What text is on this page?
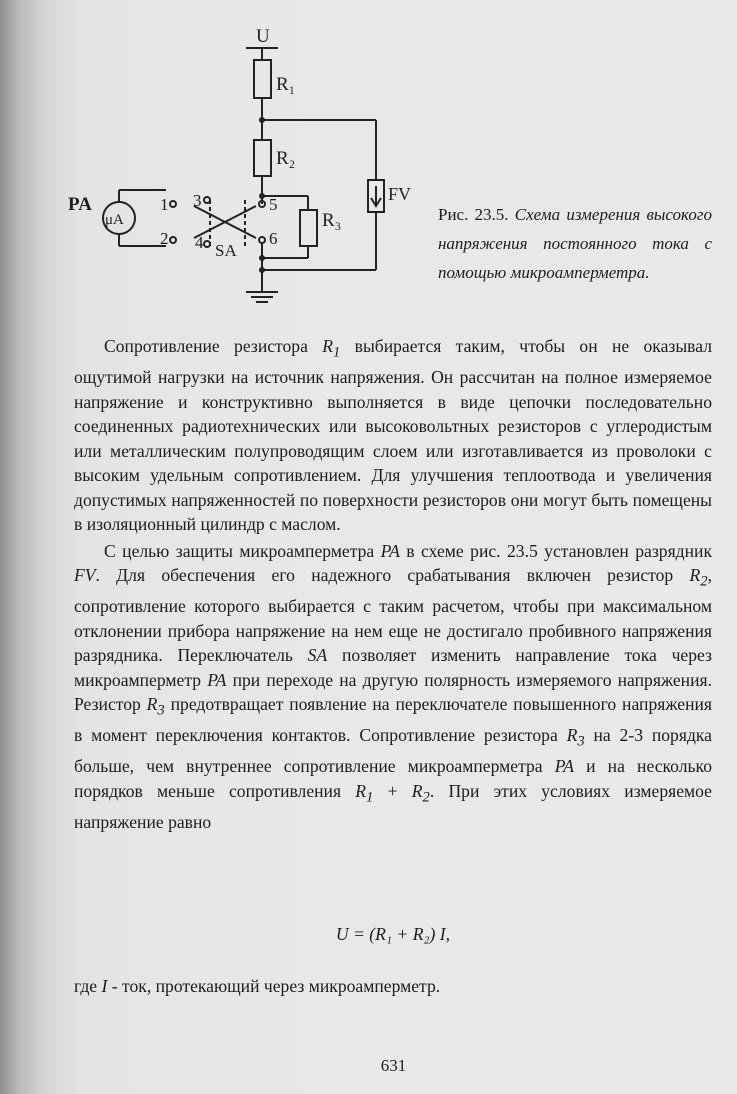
U
R₁
R₂
R₃
FV
PA
μA
SA
1
2
3
4
5
6
Рис. 23.5. Схема измерения высокого напряжения постоянного тока с помощью микроамперметра.

Сопротивление резистора $R_1$ выбирается таким, чтобы он не оказывал ощутимой нагрузки на источник напряжения. Он рассчитан на полное измеряемое напряжение и конструктивно выполняется в виде цепочки последовательно соединенных радиотехнических или высоковольтных резисторов с углеродистым или металлическим полупроводящим слоем или изготавливается из проволоки с высоким удельным сопротивлением. Для улучшения теплоотвода и увеличения допустимых напряженностей по поверхности резисторов они могут быть помещены в изоляционный цилиндр с маслом.

С целью защиты микроамперметра PA в схеме рис. 23.5 установлен разрядник FV. Для обеспечения его надежного срабатывания включен резистор $R_2$, сопротивление которого выбирается с таким расчетом, чтобы при максимальном отклонении прибора напряжение на нем еще не достигало пробивного напряжения разрядника. Переключатель SA позволяет изменить направление тока через микроамперметр PA при переходе на другую полярность измеряемого напряжения. Резистор $R_3$ предотвращает появление на переключателе повышенного напряжения в момент переключения контактов. Сопротивление резистора $R_3$ на 2-3 порядка больше, чем внутреннее сопротивление микроамперметра PA и на несколько порядков меньше сопротивления $R_1 + R_2$. При этих условиях измеряемое напряжение равно

U = (R₁ + R₂) I,
где I - ток, протекающий через микроамперметр.
631
